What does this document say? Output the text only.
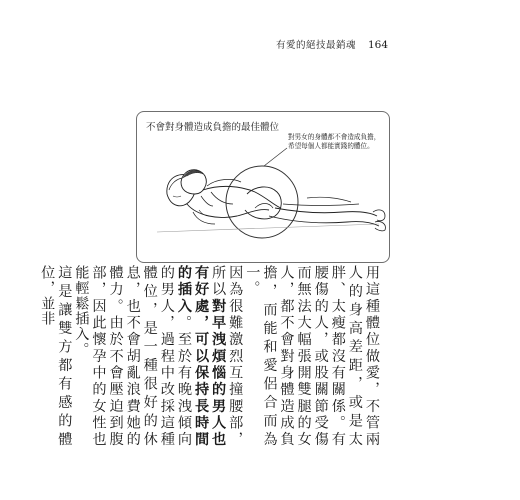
有愛的絕技最銷魂 164
不會對身體造成負擔的最佳體位
對男女的身體都不會造成負擔，
希望每個人都能實踐的體位。

用這種體位做愛，不管兩人的身高差距，或是太胖、太瘦都沒有關係。有腰傷的人，或股關節受傷而無法大幅張開雙腿的女人，都不會對身體造成負擔，而能和愛侶合而為一。

因為很難激烈互撞腰部，所以對早洩煩惱的男人也有好處，可以保持長時間的插入。至於有晚洩傾向的男人，過程中改採這種體位，是一種很好的休息，也不會胡亂浪費她的體力。由於不會壓迫到腹部，因此懷孕中的女性也能輕鬆插入。

這是讓雙方都有感的體位，並非
